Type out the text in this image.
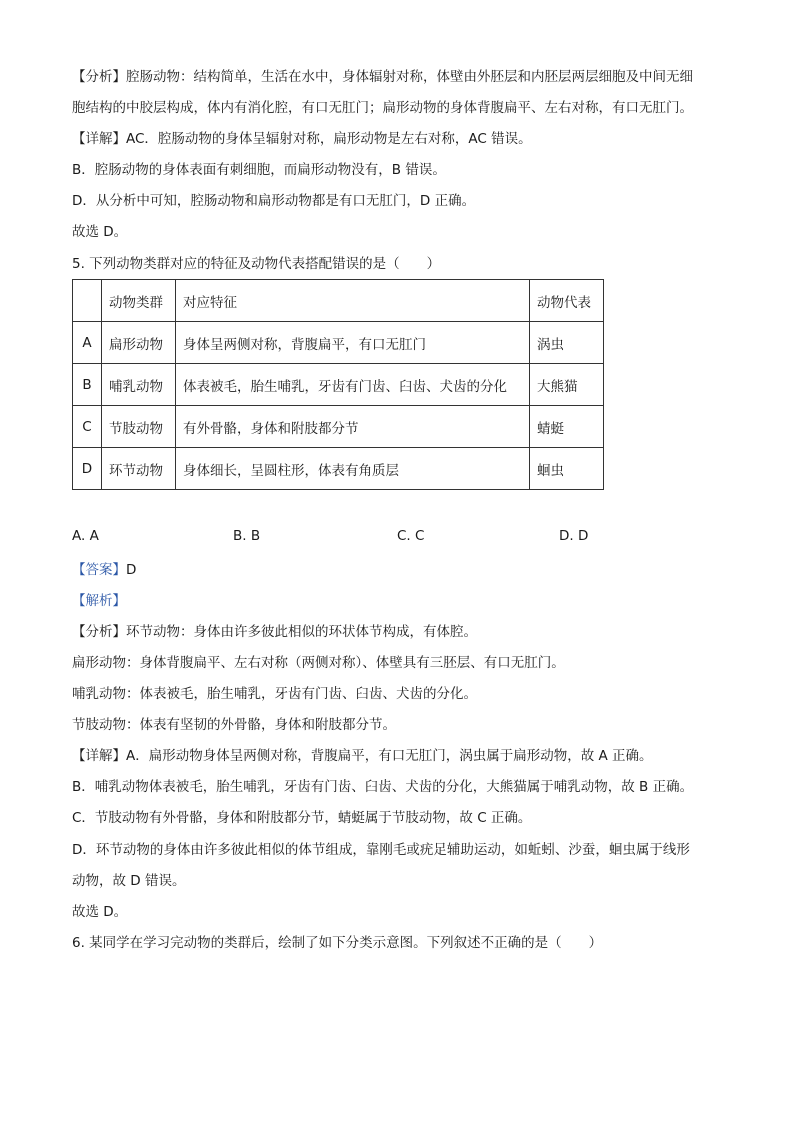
【分析】腔肠动物：结构简单，生活在水中，身体辐射对称，体壁由外胚层和内胚层两层细胞及中间无细
胞结构的中胶层构成，体内有消化腔，有口无肛门；扁形动物的身体背腹扁平、左右对称，有口无肛门。
【详解】AC．腔肠动物的身体呈辐射对称，扁形动物是左右对称，AC 错误。
B．腔肠动物的身体表面有刺细胞，而扁形动物没有，B 错误。
D．从分析中可知，腔肠动物和扁形动物都是有口无肛门，D 正确。
故选 D。
5. 下列动物类群对应的特征及动物代表搭配错误的是（　　）
	动物类群	对应特征	动物代表
A	扁形动物	身体呈两侧对称，背腹扁平，有口无肛门	涡虫
B	哺乳动物	体表被毛，胎生哺乳，牙齿有门齿、臼齿、犬齿的分化	大熊猫
C	节肢动物	有外骨骼，身体和附肢都分节	蜻蜓
D	环节动物	身体细长，呈圆柱形，体表有角质层	蛔虫
A. A	B. B	C. C	D. D
【答案】D
【解析】
【分析】环节动物：身体由许多彼此相似的环状体节构成，有体腔。
扁形动物：身体背腹扁平、左右对称（两侧对称）、体壁具有三胚层、有口无肛门。
哺乳动物：体表被毛，胎生哺乳，牙齿有门齿、臼齿、犬齿的分化。
节肢动物：体表有坚韧的外骨骼，身体和附肢都分节。
【详解】A．扁形动物身体呈两侧对称，背腹扁平，有口无肛门，涡虫属于扁形动物，故 A 正确。
B．哺乳动物体表被毛，胎生哺乳，牙齿有门齿、臼齿、犬齿的分化，大熊猫属于哺乳动物，故 B 正确。
C．节肢动物有外骨骼，身体和附肢都分节，蜻蜓属于节肢动物，故 C 正确。
D．环节动物的身体由许多彼此相似的体节组成，靠刚毛或疣足辅助运动，如蚯蚓、沙蚕，蛔虫属于线形
动物，故 D 错误。
故选 D。
6. 某同学在学习完动物的类群后，绘制了如下分类示意图。下列叙述不正确的是（　　）
